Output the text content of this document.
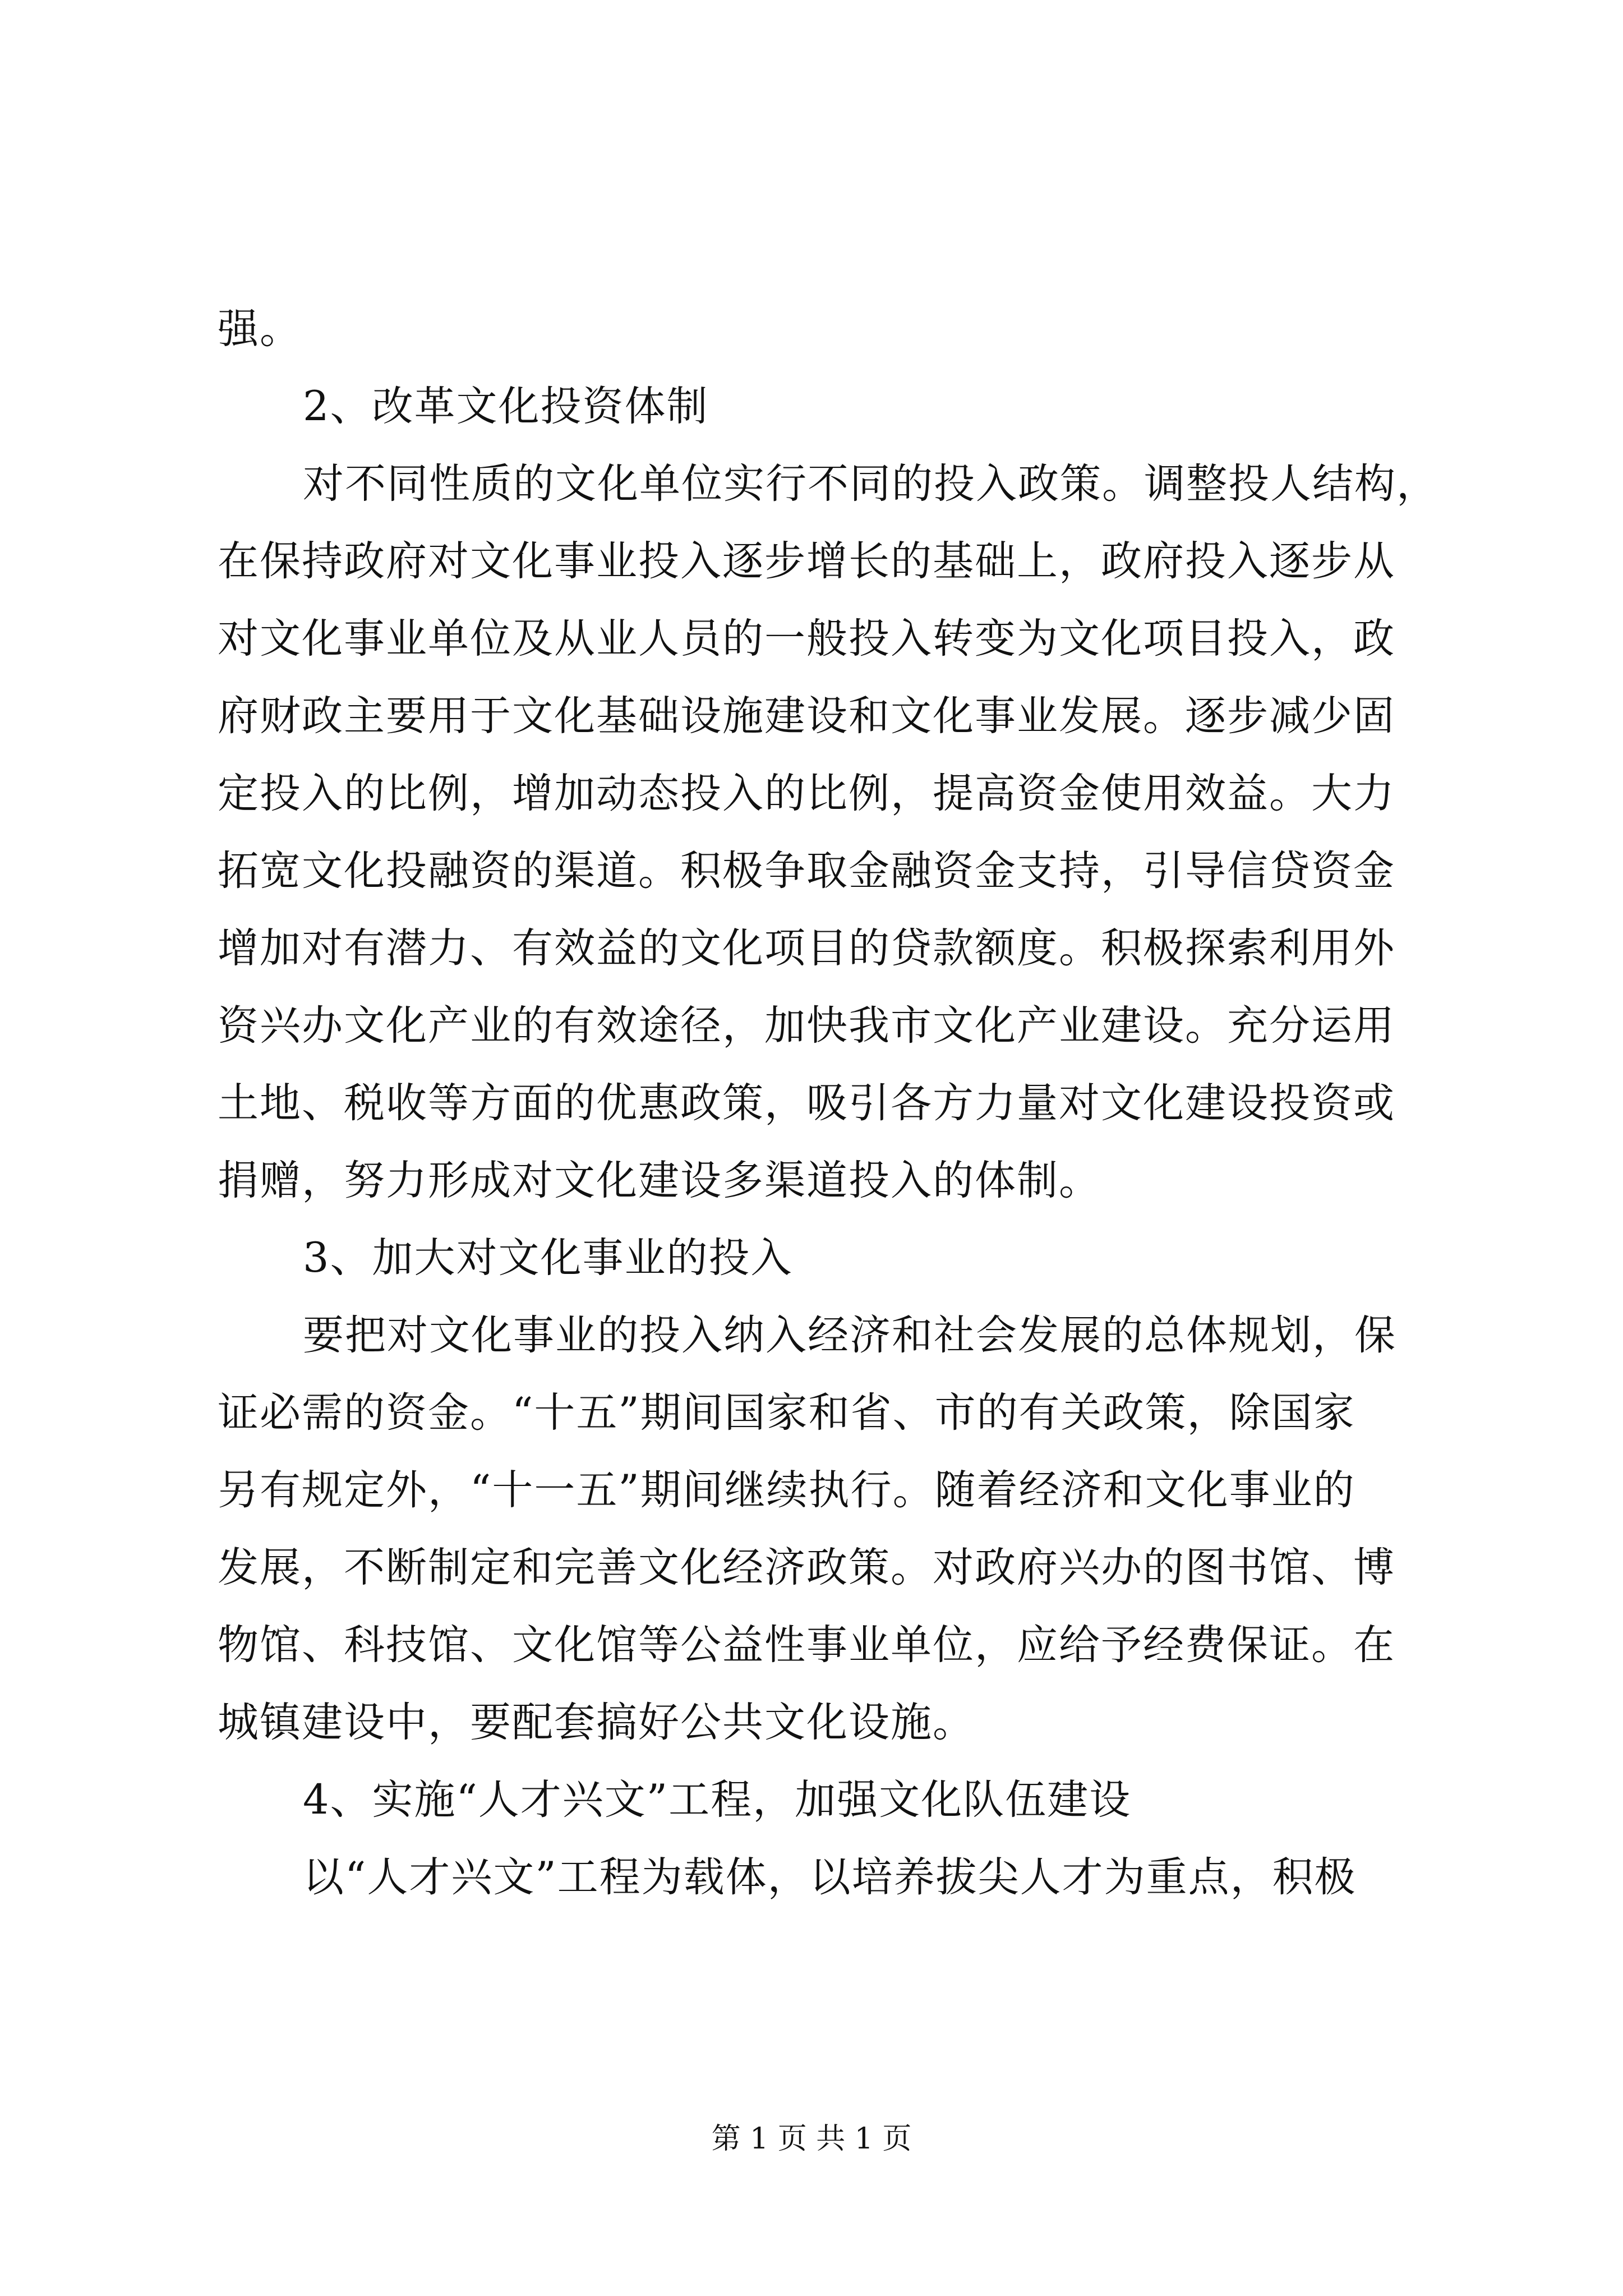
强。
2、改革文化投资体制
对不同性质的文化单位实行不同的投入政策。调整投人结构，
在保持政府对文化事业投入逐步增长的基础上，政府投入逐步从
对文化事业单位及从业人员的一般投入转变为文化项目投入，政
府财政主要用于文化基础设施建设和文化事业发展。逐步减少固
定投入的比例，增加动态投入的比例，提高资金使用效益。大力
拓宽文化投融资的渠道。积极争取金融资金支持，引导信贷资金
增加对有潜力、有效益的文化项目的贷款额度。积极探索利用外
资兴办文化产业的有效途径，加快我市文化产业建设。充分运用
土地、税收等方面的优惠政策，吸引各方力量对文化建设投资或
捐赠，努力形成对文化建设多渠道投入的体制。
3、加大对文化事业的投入
要把对文化事业的投入纳入经济和社会发展的总体规划，保
证必需的资金。“十五”期间国家和省、市的有关政策，除国家
另有规定外，“十一五”期间继续执行。随着经济和文化事业的
发展，不断制定和完善文化经济政策。对政府兴办的图书馆、博
物馆、科技馆、文化馆等公益性事业单位，应给予经费保证。在
城镇建设中，要配套搞好公共文化设施。
4、实施“人才兴文”工程，加强文化队伍建设
以“人才兴文”工程为载体，以培养拔尖人才为重点，积极
第 1 页 共 1 页
